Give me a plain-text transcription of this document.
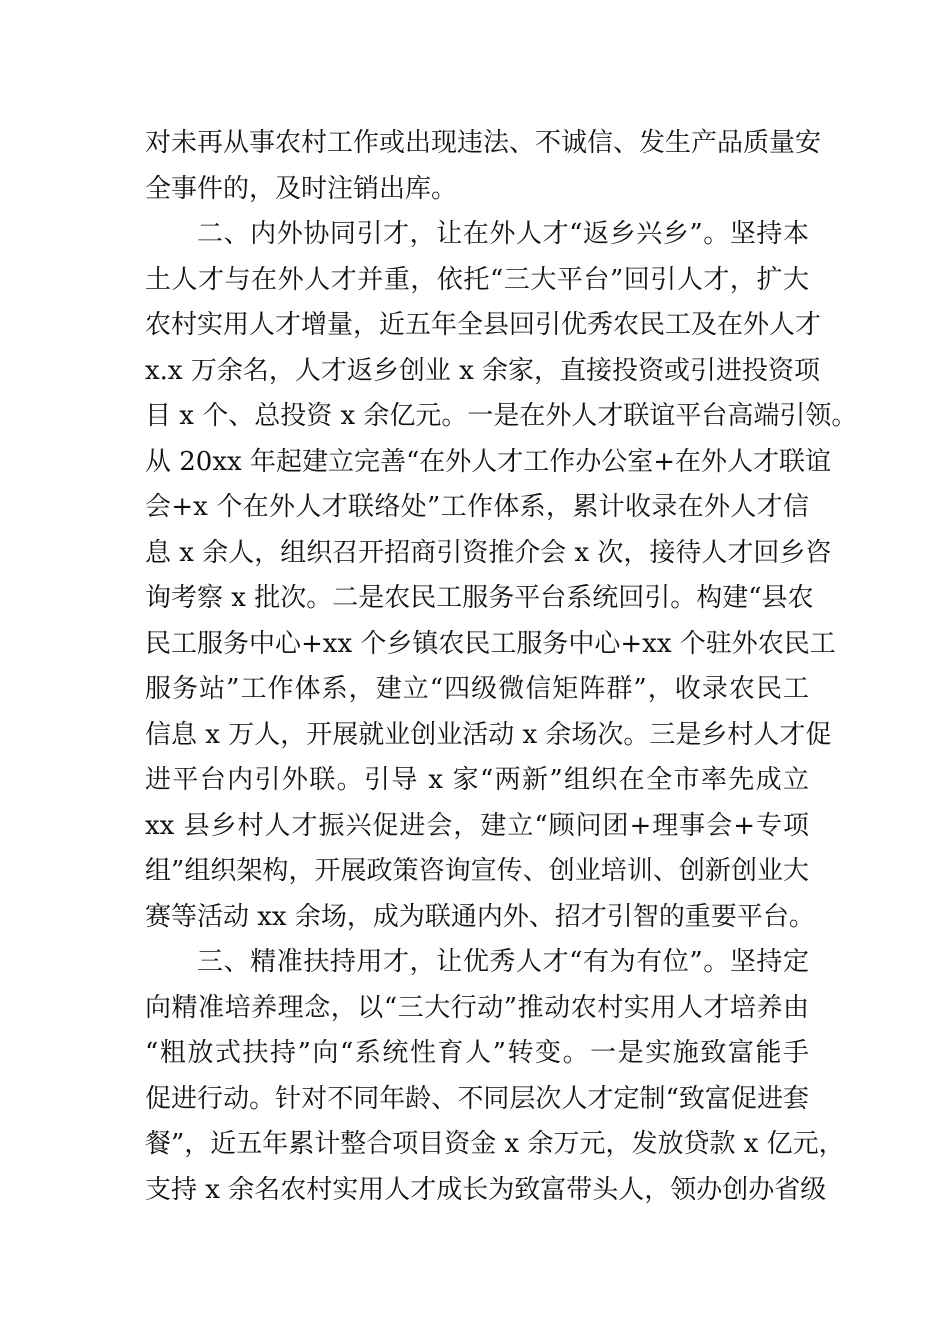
对未再从事农村工作或出现违法、不诚信、发生产品质量安
全事件的，及时注销出库。
二、内外协同引才，让在外人才“返乡兴乡”。坚持本
土人才与在外人才并重，依托“三大平台”回引人才，扩大
农村实用人才增量，近五年全县回引优秀农民工及在外人才
x.x 万余名，人才返乡创业 x 余家，直接投资或引进投资项
目 x 个、总投资 x 余亿元。一是在外人才联谊平台高端引领。
从 20xx 年起建立完善“在外人才工作办公室+在外人才联谊
会+x 个在外人才联络处”工作体系，累计收录在外人才信
息 x 余人，组织召开招商引资推介会 x 次，接待人才回乡咨
询考察 x 批次。二是农民工服务平台系统回引。构建“县农
民工服务中心+xx 个乡镇农民工服务中心+xx 个驻外农民工
服务站”工作体系，建立“四级微信矩阵群”，收录农民工
信息 x 万人，开展就业创业活动 x 余场次。三是乡村人才促
进平台内引外联。引导 x 家“两新”组织在全市率先成立
xx 县乡村人才振兴促进会，建立“顾问团+理事会+专项
组”组织架构，开展政策咨询宣传、创业培训、创新创业大
赛等活动 xx 余场，成为联通内外、招才引智的重要平台。
三、精准扶持用才，让优秀人才“有为有位”。坚持定
向精准培养理念，以“三大行动”推动农村实用人才培养由
“粗放式扶持”向“系统性育人”转变。一是实施致富能手
促进行动。针对不同年龄、不同层次人才定制“致富促进套
餐”，近五年累计整合项目资金 x 余万元，发放贷款 x 亿元，
支持 x 余名农村实用人才成长为致富带头人，领办创办省级
